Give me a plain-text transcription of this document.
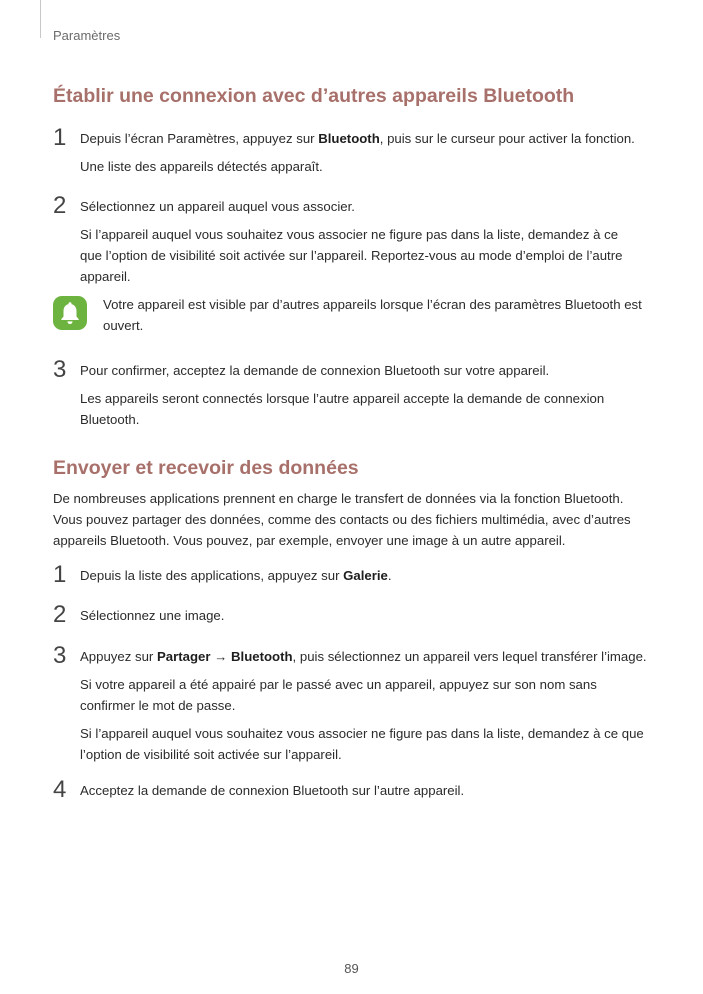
Paramètres
Établir une connexion avec d’autres appareils Bluetooth
1 Depuis l’écran Paramètres, appuyez sur Bluetooth, puis sur le curseur pour activer la fonction.

Une liste des appareils détectés apparaît.

2 Sélectionnez un appareil auquel vous associer.

Si l’appareil auquel vous souhaitez vous associer ne figure pas dans la liste, demandez à ce
que l’option de visibilité soit activée sur l’appareil. Reportez-vous au mode d’emploi de l’autre
appareil.

Votre appareil est visible par d’autres appareils lorsque l’écran des paramètres Bluetooth est
ouvert.
3 Pour confirmer, acceptez la demande de connexion Bluetooth sur votre appareil.

Les appareils seront connectés lorsque l’autre appareil accepte la demande de connexion
Bluetooth.

Envoyer et recevoir des données

De nombreuses applications prennent en charge le transfert de données via la fonction Bluetooth.
Vous pouvez partager des données, comme des contacts ou des fichiers multimédia, avec d’autres
appareils Bluetooth. Vous pouvez, par exemple, envoyer une image à un autre appareil.

1 Depuis la liste des applications, appuyez sur Galerie.

2 Sélectionnez une image.

3 Appuyez sur Partager → Bluetooth, puis sélectionnez un appareil vers lequel transférer l’image.

Si votre appareil a été appairé par le passé avec un appareil, appuyez sur son nom sans
confirmer le mot de passe.

Si l’appareil auquel vous souhaitez vous associer ne figure pas dans la liste, demandez à ce que
l’option de visibilité soit activée sur l’appareil.

4 Acceptez la demande de connexion Bluetooth sur l’autre appareil.

89
